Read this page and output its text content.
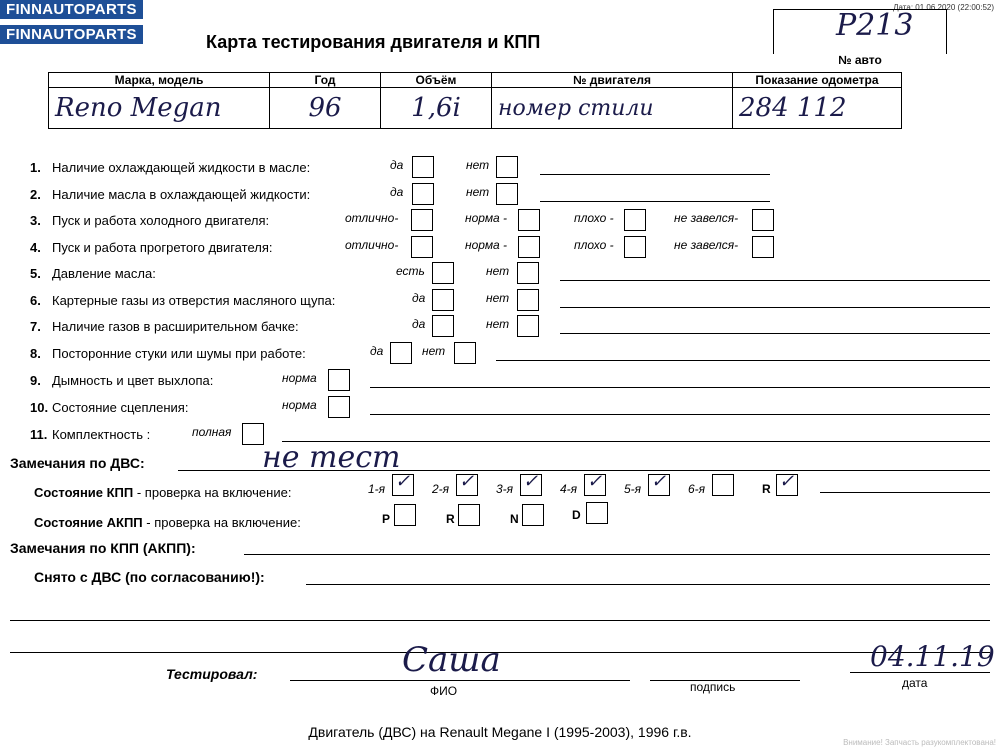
FINNAUTOPARTS
FINNAUTOPARTS
Дата: 01.06.2020 (22:00:52)
Карта тестирования двигателя и КПП	P213
№ авто
Марка, модель	Год	Объём	№ двигателя	Показание одометра
Reno Megan	96	1,6i	номер стили	284 112
1. Наличие охлаждающей жидкости в масле:	да	нет
2. Наличие масла в охлаждающей жидкости:	да	нет
3. Пуск и работа холодного двигателя:	отлично-	норма -	плохо -	не завелся-
4. Пуск и работа прогретого двигателя:	отлично-	норма -	плохо -	не завелся-
5. Давление масла:	есть	нет
6. Картерные газы из отверстия масляного щупа:	да	нет
7. Наличие газов в расширительном бачке:	да	нет
8. Посторонние стуки или шумы при работе:	да	нет
9. Дымность и цвет выхлопа:	норма
10. Состояние сцепления:	норма
11. Комплектность :	полная
Замечания по ДВС:	не тест
Состояние КПП - проверка на включение:	1-я ✓ 2-я ✓ 3-я ✓ 4-я ✓ 5-я ✓ 6-я	R ✓
Состояние АКПП - проверка на включение:	P	R	N	D
Замечания по КПП (АКПП):
Снято с ДВС (по согласованию!):
Тестировал:	Саша
ФИО	подпись
04.11.19
дата
Двигатель (ДВС) на Renault Megane I (1995-2003), 1996 г.в.
Внимание! Запчасть разукомплектована!
